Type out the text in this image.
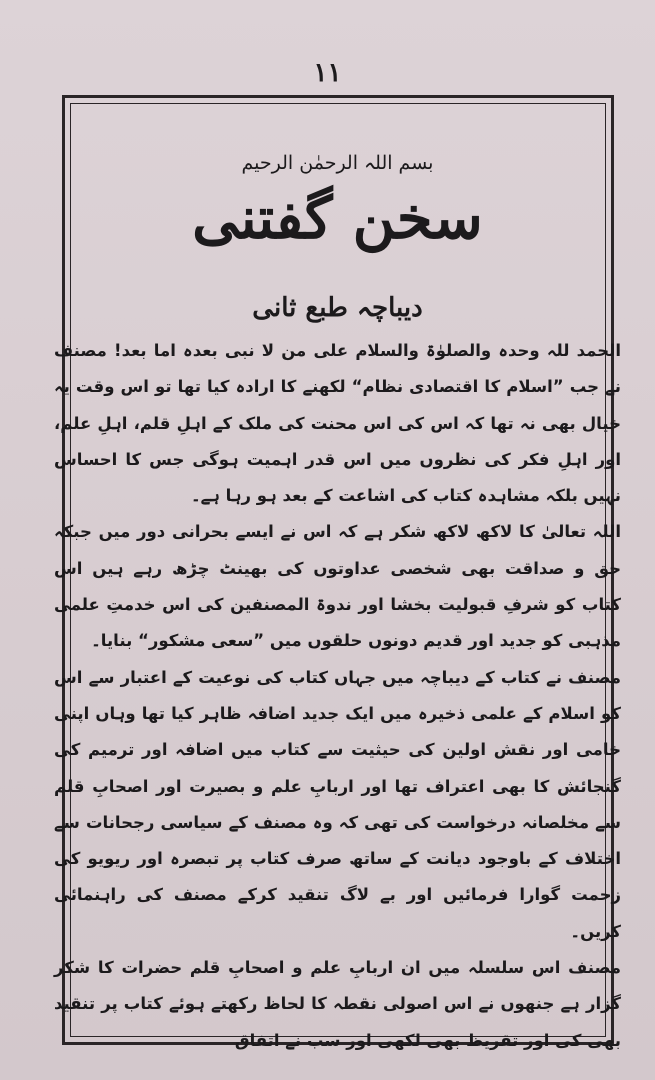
۱۱
بسم اللہ الرحمٰن الرحیم
سخن گفتنی
دیباچہ طبع ثانی

الحمد للہ وحدہ والصلوٰۃ والسلام علی من لا نبی بعدہ اما بعد! مصنف نے جب ”اسلام کا اقتصادی نظام“ لکھنے کا ارادہ کیا تھا تو اس وقت یہ خیال بھی نہ تھا کہ اس کی اس محنت کی ملک کے اہلِ قلم، اہلِ علم، اور اہلِ فکر کی نظروں میں اس قدر اہمیت ہوگی جس کا احساس نہیں بلکہ مشاہدہ کتاب کی اشاعت کے بعد ہو رہا ہے۔

اللہ تعالیٰ کا لاکھ لاکھ شکر ہے کہ اس نے ایسے بحرانی دور میں جبکہ حق و صداقت بھی شخصی عداوتوں کی بھینٹ چڑھ رہے ہیں اس کتاب کو شرفِ قبولیت بخشا اور ندوۃ المصنفین کی اس خدمتِ علمی مذہبی کو جدید اور قدیم دونوں حلقوں میں ”سعی مشکور“ بنایا۔

مصنف نے کتاب کے دیباچہ میں جہاں کتاب کی نوعیت کے اعتبار سے اس کو اسلام کے علمی ذخیرہ میں ایک جدید اضافہ ظاہر کیا تھا وہاں اپنی خامی اور نقش اولین کی حیثیت سے کتاب میں اضافہ اور ترمیم کی گنجائش کا بھی اعتراف تھا اور اربابِ علم و بصیرت اور اصحابِ قلم سے مخلصانہ درخواست کی تھی کہ وہ مصنف کے سیاسی رجحانات سے اختلاف کے باوجود دیانت کے ساتھ صرف کتاب پر تبصرہ اور ریویو کی زحمت گوارا فرمائیں اور بے لاگ تنقید کرکے مصنف کی راہنمائی کریں۔

مصنف اس سلسلہ میں ان اربابِ علم و اصحابِ قلم حضرات کا شکر گزار ہے جنھوں نے اس اصولی نقطہ کا لحاظ رکھتے ہوئے کتاب پر تنقید بھی کی اور تقریظ بھی لکھی اور سب نے اتفاق
